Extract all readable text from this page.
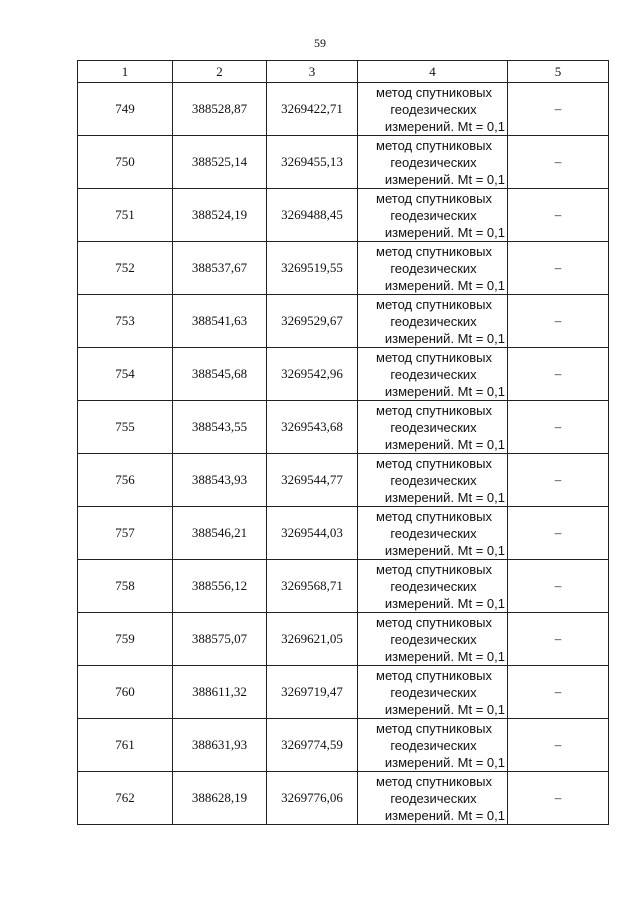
59
1	2	3	4	5
749	388528,87	3269422,71	метод спутниковых
геодезических
измерений. Mt = 0,1	–
750	388525,14	3269455,13	метод спутниковых
геодезических
измерений. Mt = 0,1	–
751	388524,19	3269488,45	метод спутниковых
геодезических
измерений. Mt = 0,1	–
752	388537,67	3269519,55	метод спутниковых
геодезических
измерений. Mt = 0,1	–
753	388541,63	3269529,67	метод спутниковых
геодезических
измерений. Mt = 0,1	–
754	388545,68	3269542,96	метод спутниковых
геодезических
измерений. Mt = 0,1	–
755	388543,55	3269543,68	метод спутниковых
геодезических
измерений. Mt = 0,1	–
756	388543,93	3269544,77	метод спутниковых
геодезических
измерений. Mt = 0,1	–
757	388546,21	3269544,03	метод спутниковых
геодезических
измерений. Mt = 0,1	–
758	388556,12	3269568,71	метод спутниковых
геодезических
измерений. Mt = 0,1	–
759	388575,07	3269621,05	метод спутниковых
геодезических
измерений. Mt = 0,1	–
760	388611,32	3269719,47	метод спутниковых
геодезических
измерений. Mt = 0,1	–
761	388631,93	3269774,59	метод спутниковых
геодезических
измерений. Mt = 0,1	–
762	388628,19	3269776,06	метод спутниковых
геодезических
измерений. Mt = 0,1	–
